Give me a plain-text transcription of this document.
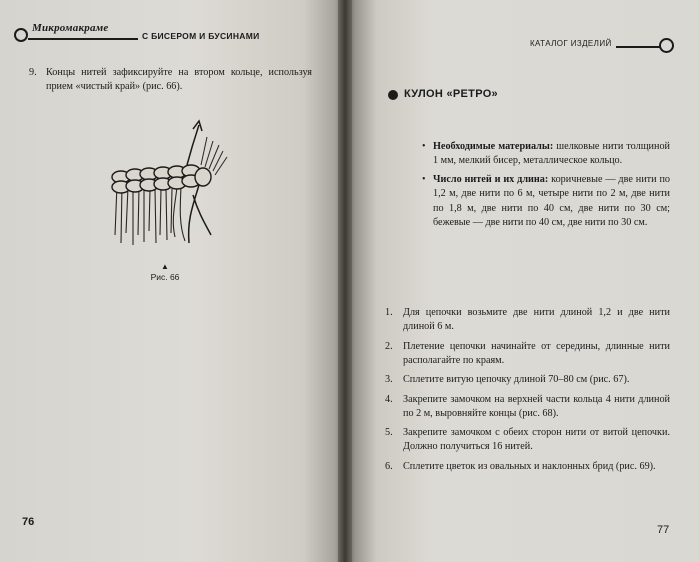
Микромакраме
С БИСЕРОМ И БУСИНАМИ
9. Концы нитей зафиксируйте на втором кольце, используя прием «чистый край» (рис. 66).
▲
Рис. 66
76
КАТАЛОГ ИЗДЕЛИЙ
КУЛОН «РЕТРО»
• Необходимые материалы: шелковые нити толщиной 1 мм, мелкий бисер, металлическое кольцо.
• Число нитей и их длина: коричневые — две нити по 1,2 м, две нити по 6 м, четыре нити по 2 м, две нити по 1,8 м, две нити по 40 см, две нити по 30 см; бежевые — две нити по 40 см, две нити по 30 см.
1. Для цепочки возьмите две нити длиной 1,2 и две нити длиной 6 м.
2. Плетение цепочки начинайте от середины, длинные нити располагайте по краям.
3. Сплетите витую цепочку длиной 70–80 см (рис. 67).
4. Закрепите замочком на верхней части кольца 4 нити длиной по 2 м, выровняйте концы (рис. 68).
5. Закрепите замочком с обеих сторон нити от витой цепочки. Должно получиться 16 нитей.
6. Сплетите цветок из овальных и наклонных брид (рис. 69).
77
